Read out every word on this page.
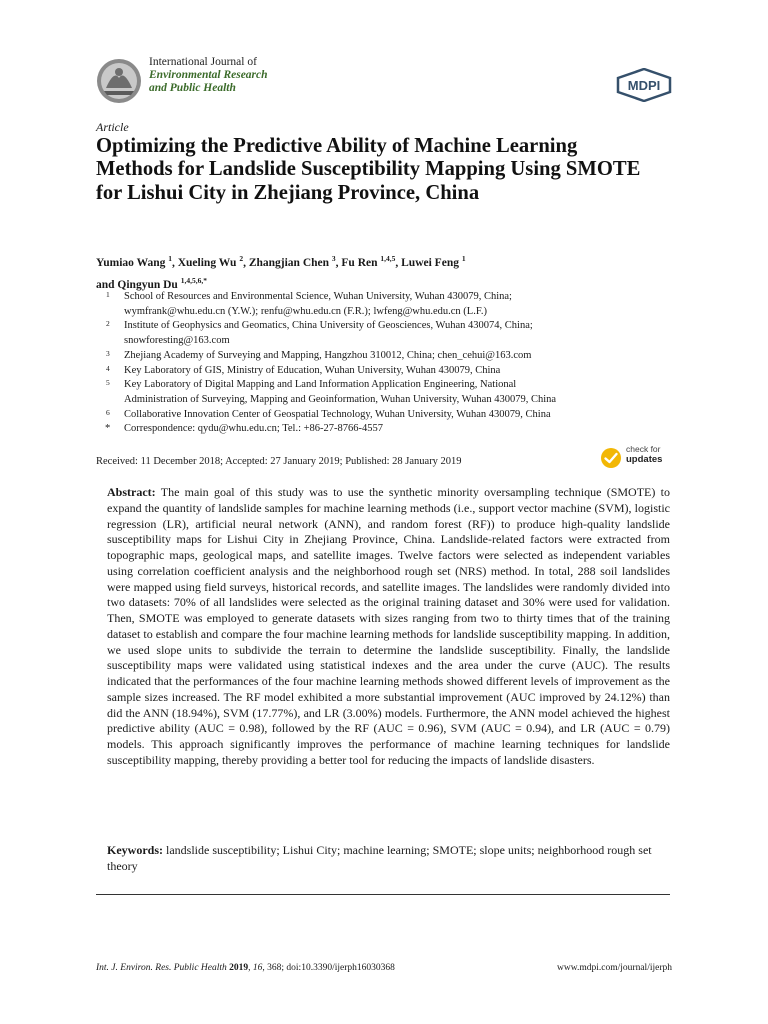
International Journal of
Environmental Research
and Public Health	MDPI
Article
Optimizing the Predictive Ability of Machine Learning Methods for Landslide Susceptibility Mapping Using SMOTE for Lishui City in Zhejiang Province, China
Yumiao Wang $^1$, Xueling Wu $^2$, Zhangjian Chen $^3$, Fu Ren $^{1,4,5}$, Luwei Feng $^1$
and Qingyun Du $^{1,4,5,6,*}$
1 School of Resources and Environmental Science, Wuhan University, Wuhan 430079, China;
wymfrank@whu.edu.cn (Y.W.); renfu@whu.edu.cn (F.R.); lwfeng@whu.edu.cn (L.F.)
2 Institute of Geophysics and Geomatics, China University of Geosciences, Wuhan 430074, China;
snowforesting@163.com
3 Zhejiang Academy of Surveying and Mapping, Hangzhou 310012, China; chen_cehui@163.com
4 Key Laboratory of GIS, Ministry of Education, Wuhan University, Wuhan 430079, China
5 Key Laboratory of Digital Mapping and Land Information Application Engineering, National
Administration of Surveying, Mapping and Geoinformation, Wuhan University, Wuhan 430079, China
6 Collaborative Innovation Center of Geospatial Technology, Wuhan University, Wuhan 430079, China
* Correspondence: qydu@whu.edu.cn; Tel.: +86-27-8766-4557
Received: 11 December 2018; Accepted: 27 January 2019; Published: 28 January 2019
check for
updates
Abstract: The main goal of this study was to use the synthetic minority oversampling technique (SMOTE) to expand the quantity of landslide samples for machine learning methods (i.e., support vector machine (SVM), logistic regression (LR), artificial neural network (ANN), and random forest (RF)) to produce high-quality landslide susceptibility maps for Lishui City in Zhejiang Province, China. Landslide-related factors were extracted from topographic maps, geological maps, and satellite images. Twelve factors were selected as independent variables using correlation coefficient analysis and the neighborhood rough set (NRS) method. In total, 288 soil landslides were mapped using field surveys, historical records, and satellite images. The landslides were randomly divided into two datasets: 70% of all landslides were selected as the original training dataset and 30% were used for validation. Then, SMOTE was employed to generate datasets with sizes ranging from two to thirty times that of the training dataset to establish and compare the four machine learning methods for landslide susceptibility mapping. In addition, we used slope units to subdivide the terrain to determine the landslide susceptibility. Finally, the landslide susceptibility maps were validated using statistical indexes and the area under the curve (AUC). The results indicated that the performances of the four machine learning methods showed different levels of improvement as the sample sizes increased. The RF model exhibited a more substantial improvement (AUC improved by 24.12%) than did the ANN (18.94%), SVM (17.77%), and LR (3.00%) models. Furthermore, the ANN model achieved the highest predictive ability (AUC = 0.98), followed by the RF (AUC = 0.96), SVM (AUC = 0.94), and LR (AUC = 0.79) models. This approach significantly improves the performance of machine learning techniques for landslide susceptibility mapping, thereby providing a better tool for reducing the impacts of landslide disasters.
Keywords: landslide susceptibility; Lishui City; machine learning; SMOTE; slope units; neighborhood rough set theory
Int. J. Environ. Res. Public Health 2019, 16, 368; doi:10.3390/ijerph16030368	www.mdpi.com/journal/ijerph
